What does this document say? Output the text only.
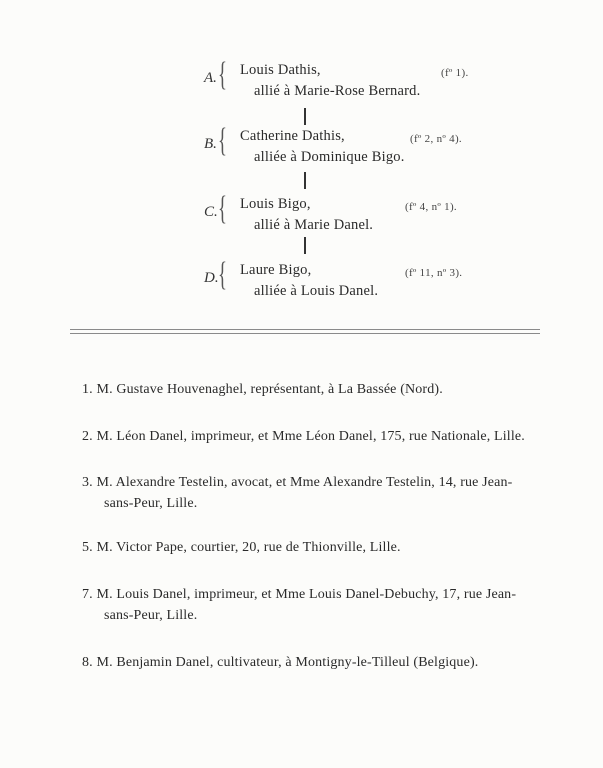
A. { Louis Dathis,
allié à Marie-Rose Bernard.
(fº 1).
B. { Catherine Dathis,
alliée à Dominique Bigo.
(fº 2, nº 4).
C. { Louis Bigo,
allié à Marie Danel.
(fº 4, nº 1).
D. { Laure Bigo,
alliée à Louis Danel.
(fº 11, nº 3).
1. M. Gustave Houvenaghel, représentant, à La Bassée (Nord).
2. M. Léon Danel, imprimeur, et Mme Léon Danel, 175, rue Nationale, Lille.
3. M. Alexandre Testelin, avocat, et Mme Alexandre Testelin, 14, rue Jean-
sans-Peur, Lille.
5. M. Victor Pape, courtier, 20, rue de Thionville, Lille.
7. M. Louis Danel, imprimeur, et Mme Louis Danel-Debuchy, 17, rue Jean-
sans-Peur, Lille.
8. M. Benjamin Danel, cultivateur, à Montigny-le-Tilleul (Belgique).
